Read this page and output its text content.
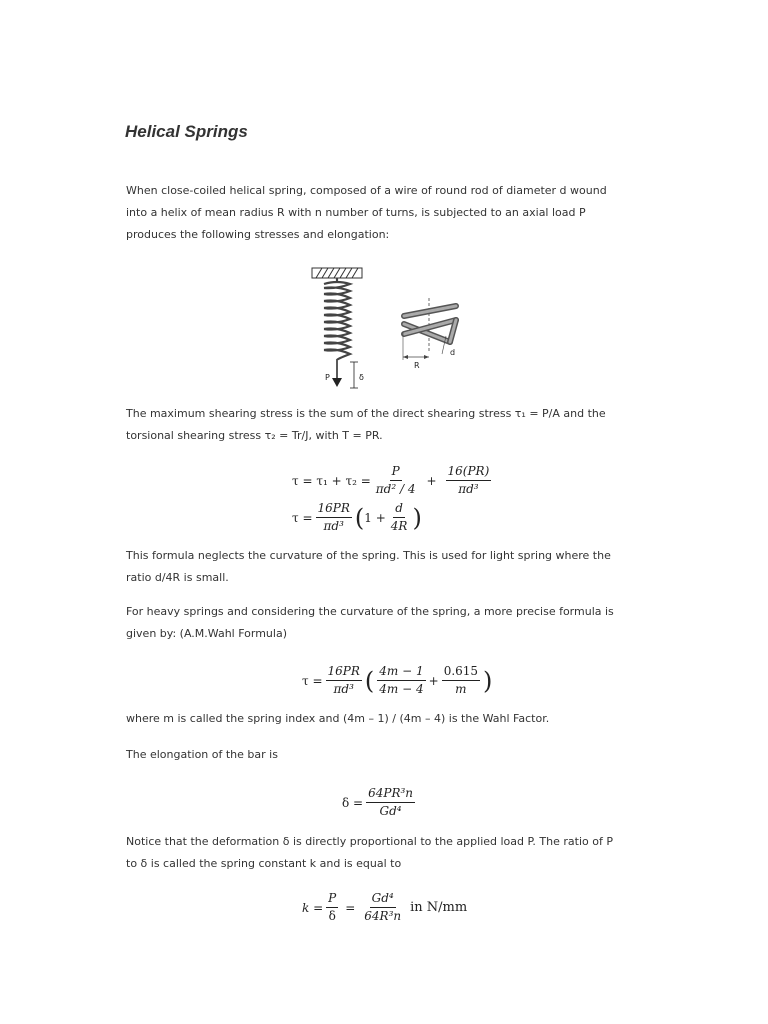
Helical Springs
When close-coiled helical spring, composed of a wire of round rod of diameter d wound
into a helix of mean radius R with n number of turns, is subjected to an axial load P
produces the following stresses and elongation:
P	δ
R
d
The maximum shearing stress is the sum of the direct shearing stress τ₁ = P/A and the
torsional shearing stress τ₂ = Tr/J, with T = PR.
$\tau = \tau_1 + \tau_2 = \frac{P}{\text{πd² / 4}} + \frac{16(PR)}{\text{πd³}}$
$\tau = \frac{16PR}{\text{πd³}}$ ( $1 + \frac{d}{4R}$ )
This formula neglects the curvature of the spring. This is used for light spring where the
ratio d/4R is small.
For heavy springs and considering the curvature of the spring, a more precise formula is
given by: (A.M.Wahl Formula)
$\tau = \frac{16PR}{\text{πd³}}$ ( $\frac{4m - 1}{4m - 4} + \frac{0.615}{m}$ )
where m is called the spring index and (4m – 1) / (4m – 4) is the Wahl Factor.
The elongation of the bar is
$\delta = \frac{\text{64PR³n}}{\text{Gd⁴}}$
Notice that the deformation δ is directly proportional to the applied load P. The ratio of P
to δ is called the spring constant k and is equal to
$k = \frac{P}{\delta} = \frac{\text{Gd⁴}}{\text{64R³n}}$ in N/mm
